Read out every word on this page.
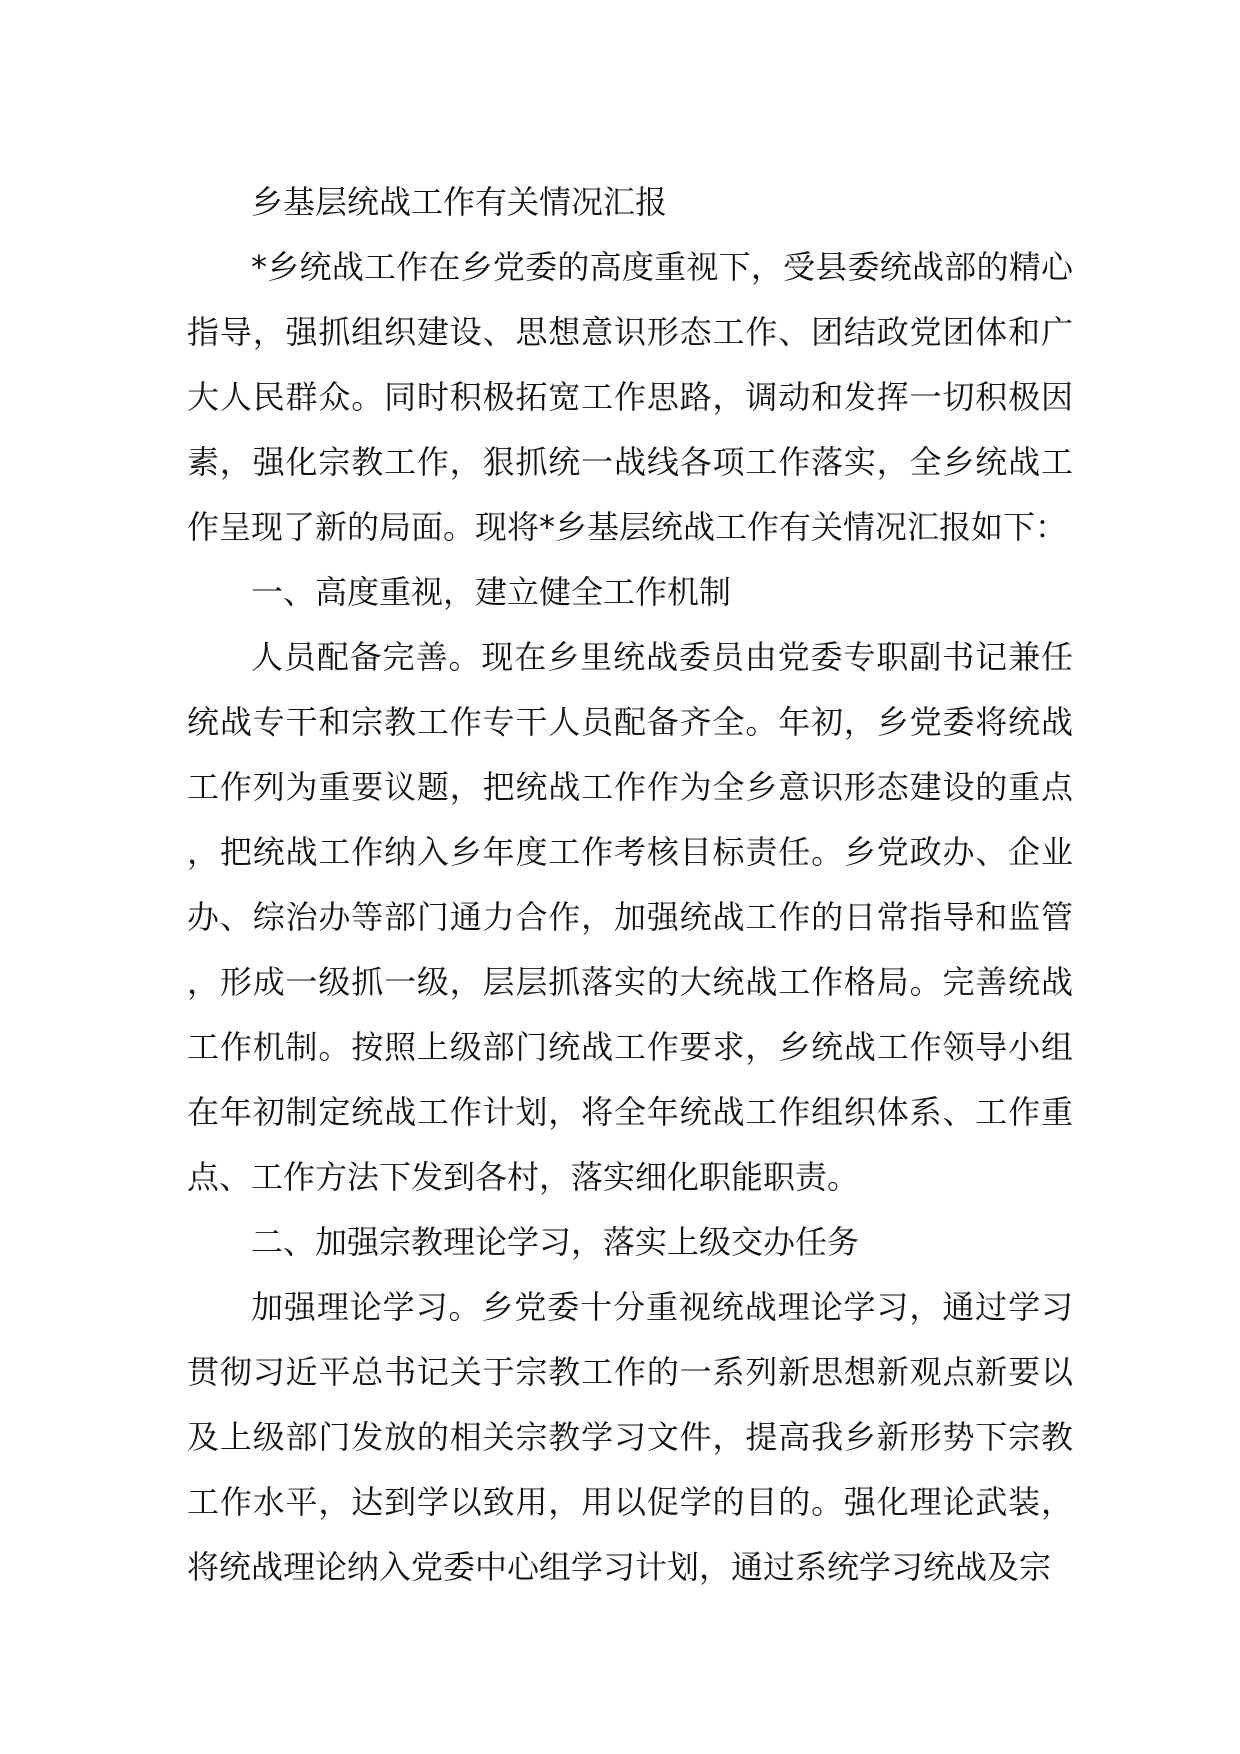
乡基层统战工作有关情况汇报

*乡统战工作在乡党委的高度重视下，受县委统战部的精心指导，强抓组织建设、思想意识形态工作、团结政党团体和广大人民群众。同时积极拓宽工作思路，调动和发挥一切积极因素，强化宗教工作，狠抓统一战线各项工作落实，全乡统战工作呈现了新的局面。现将*乡基层统战工作有关情况汇报如下：

一、高度重视，建立健全工作机制

人员配备完善。现在乡里统战委员由党委专职副书记兼任统战专干和宗教工作专干人员配备齐全。年初，乡党委将统战工作列为重要议题，把统战工作作为全乡意识形态建设的重点，把统战工作纳入乡年度工作考核目标责任。乡党政办、企业办、综治办等部门通力合作，加强统战工作的日常指导和监管，形成一级抓一级，层层抓落实的大统战工作格局。完善统战工作机制。按照上级部门统战工作要求，乡统战工作领导小组在年初制定统战工作计划，将全年统战工作组织体系、工作重点、工作方法下发到各村，落实细化职能职责。

二、加强宗教理论学习，落实上级交办任务

加强理论学习。乡党委十分重视统战理论学习，通过学习贯彻习近平总书记关于宗教工作的一系列新思想新观点新要以及上级部门发放的相关宗教学习文件，提高我乡新形势下宗教工作水平，达到学以致用，用以促学的目的。强化理论武装，将统战理论纳入党委中心组学习计划，通过系统学习统战及宗
